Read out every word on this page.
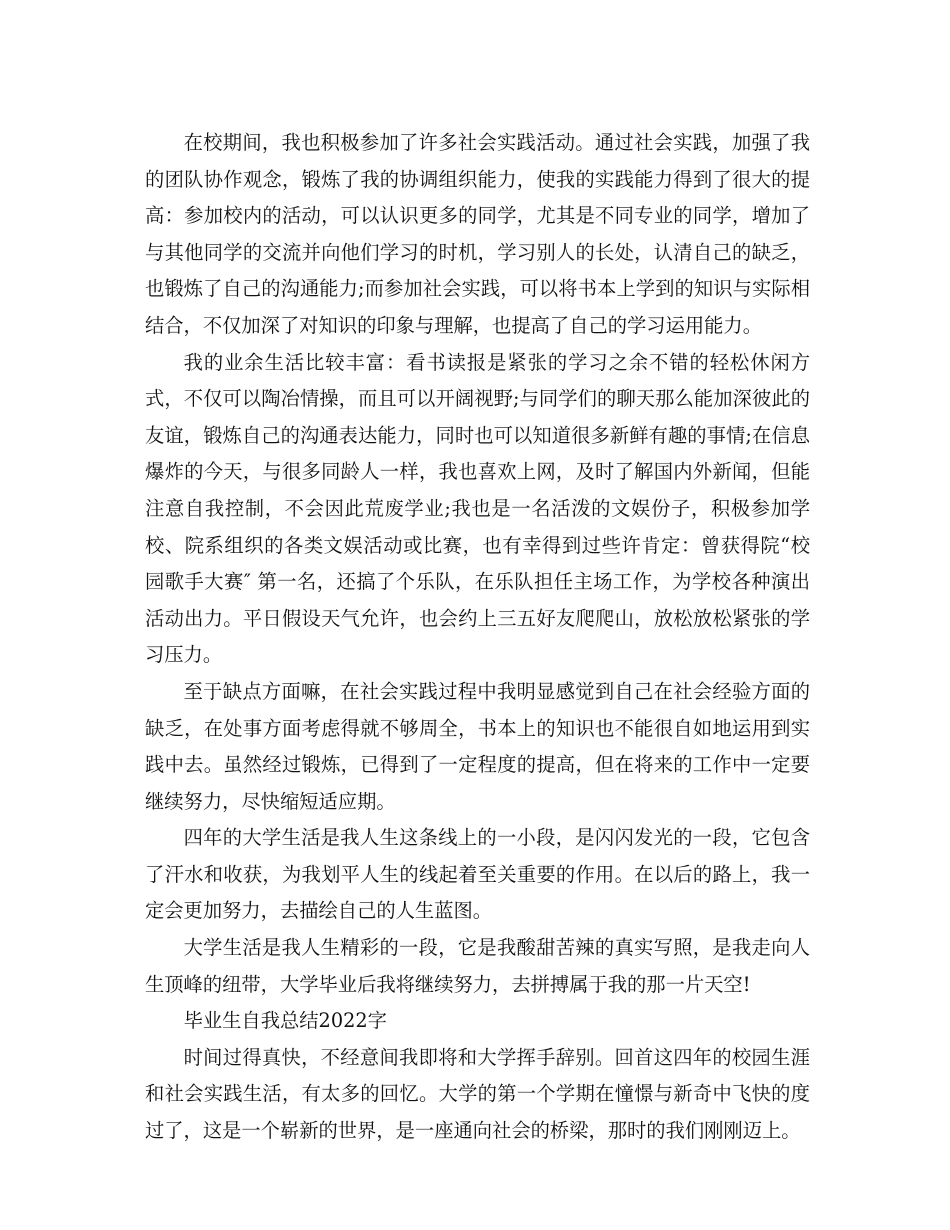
在校期间，我也积极参加了许多社会实践活动。通过社会实践，加强了我的团队协作观念，锻炼了我的协调组织能力，使我的实践能力得到了很大的提高：参加校内的活动，可以认识更多的同学，尤其是不同专业的同学，增加了与其他同学的交流并向他们学习的时机，学习别人的长处，认清自己的缺乏，也锻炼了自己的沟通能力;而参加社会实践，可以将书本上学到的知识与实际相结合，不仅加深了对知识的印象与理解，也提高了自己的学习运用能力。

我的业余生活比较丰富：看书读报是紧张的学习之余不错的轻松休闲方式，不仅可以陶冶情操，而且可以开阔视野;与同学们的聊天那么能加深彼此的友谊，锻炼自己的沟通表达能力，同时也可以知道很多新鲜有趣的事情;在信息爆炸的今天，与很多同龄人一样，我也喜欢上网，及时了解国内外新闻，但能注意自我控制，不会因此荒废学业;我也是一名活泼的文娱份子，积极参加学校、院系组织的各类文娱活动或比赛，也有幸得到过些许肯定：曾获得院“校园歌手大赛″ 第一名，还搞了个乐队，在乐队担任主场工作，为学校各种演出活动出力。平日假设天气允许，也会约上三五好友爬爬山，放松放松紧张的学习压力。

至于缺点方面嘛，在社会实践过程中我明显感觉到自己在社会经验方面的缺乏，在处事方面考虑得就不够周全，书本上的知识也不能很自如地运用到实践中去。虽然经过锻炼，已得到了一定程度的提高，但在将来的工作中一定要继续努力，尽快缩短适应期。

四年的大学生活是我人生这条线上的一小段，是闪闪发光的一段，它包含了汗水和收获，为我划平人生的线起着至关重要的作用。在以后的路上，我一定会更加努力，去描绘自己的人生蓝图。

大学生活是我人生精彩的一段，它是我酸甜苦辣的真实写照，是我走向人生顶峰的纽带，大学毕业后我将继续努力，去拼搏属于我的那一片天空!

毕业生自我总结2022字

时间过得真快，不经意间我即将和大学挥手辞别。回首这四年的校园生涯和社会实践生活，有太多的回忆。大学的第一个学期在憧憬与新奇中飞快的度过了，这是一个崭新的世界，是一座通向社会的桥梁，那时的我们刚刚迈上。
